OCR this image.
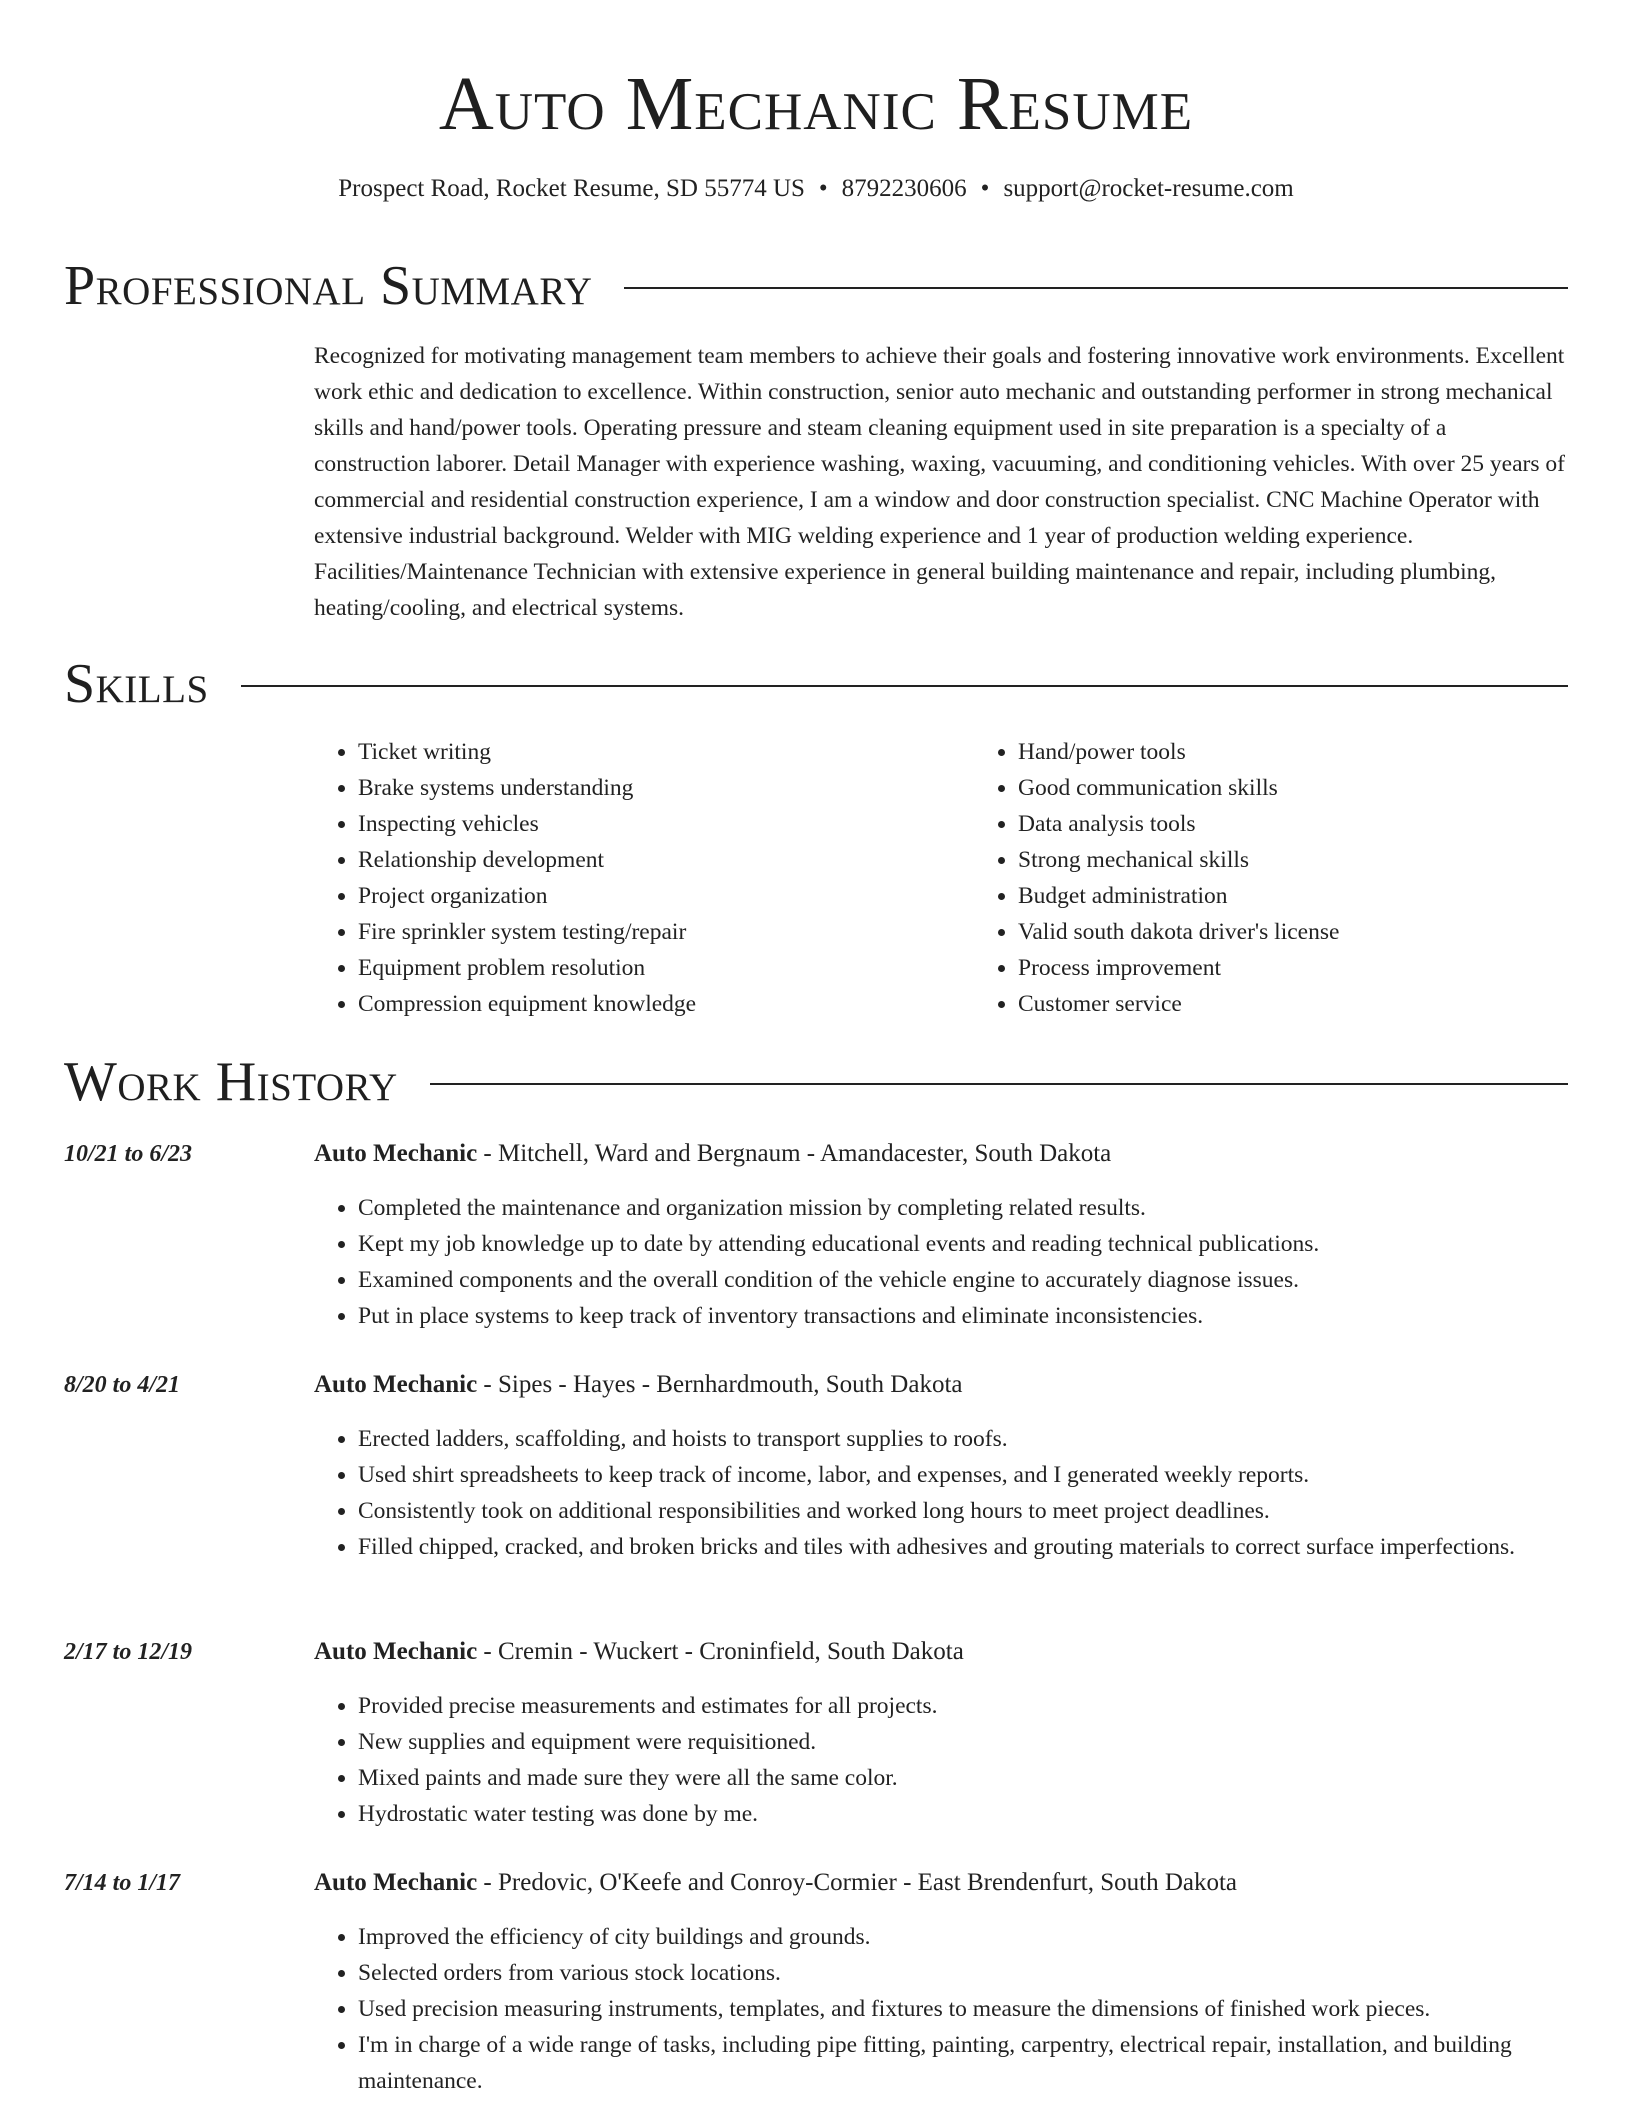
Auto Mechanic Resume
Prospect Road, Rocket Resume, SD 55774 US • 8792230606 • support@rocket-resume.com
Professional Summary

Recognized for motivating management team members to achieve their goals and fostering innovative work environments. Excellent work ethic and dedication to excellence. Within construction, senior auto mechanic and outstanding performer in strong mechanical skills and hand/power tools. Operating pressure and steam cleaning equipment used in site preparation is a specialty of a construction laborer. Detail Manager with experience washing, waxing, vacuuming, and conditioning vehicles. With over 25 years of commercial and residential construction experience, I am a window and door construction specialist. CNC Machine Operator with extensive industrial background. Welder with MIG welding experience and 1 year of production welding experience. Facilities/Maintenance Technician with extensive experience in general building maintenance and repair, including plumbing, heating/cooling, and electrical systems.

Skills
• Ticket writing
• Brake systems understanding
• Inspecting vehicles
• Relationship development
• Project organization
• Fire sprinkler system testing/repair
• Equipment problem resolution
• Compression equipment knowledge
• Hand/power tools
• Good communication skills
• Data analysis tools
• Strong mechanical skills
• Budget administration
• Valid south dakota driver's license
• Process improvement
• Customer service
Work History
10/21 to 6/23	Auto Mechanic - Mitchell, Ward and Bergnaum - Amandacester, South Dakota
• Completed the maintenance and organization mission by completing related results.
• Kept my job knowledge up to date by attending educational events and reading technical publications.
• Examined components and the overall condition of the vehicle engine to accurately diagnose issues.
• Put in place systems to keep track of inventory transactions and eliminate inconsistencies.
8/20 to 4/21	Auto Mechanic - Sipes - Hayes - Bernhardmouth, South Dakota
• Erected ladders, scaffolding, and hoists to transport supplies to roofs.
• Used shirt spreadsheets to keep track of income, labor, and expenses, and I generated weekly reports.
• Consistently took on additional responsibilities and worked long hours to meet project deadlines.
• Filled chipped, cracked, and broken bricks and tiles with adhesives and grouting materials to correct surface imperfections.
2/17 to 12/19	Auto Mechanic - Cremin - Wuckert - Croninfield, South Dakota
• Provided precise measurements and estimates for all projects.
• New supplies and equipment were requisitioned.
• Mixed paints and made sure they were all the same color.
• Hydrostatic water testing was done by me.
7/14 to 1/17	Auto Mechanic - Predovic, O'Keefe and Conroy-Cormier - East Brendenfurt, South Dakota
• Improved the efficiency of city buildings and grounds.
• Selected orders from various stock locations.
• Used precision measuring instruments, templates, and fixtures to measure the dimensions of finished work pieces.
• I'm in charge of a wide range of tasks, including pipe fitting, painting, carpentry, electrical repair, installation, and building maintenance.
